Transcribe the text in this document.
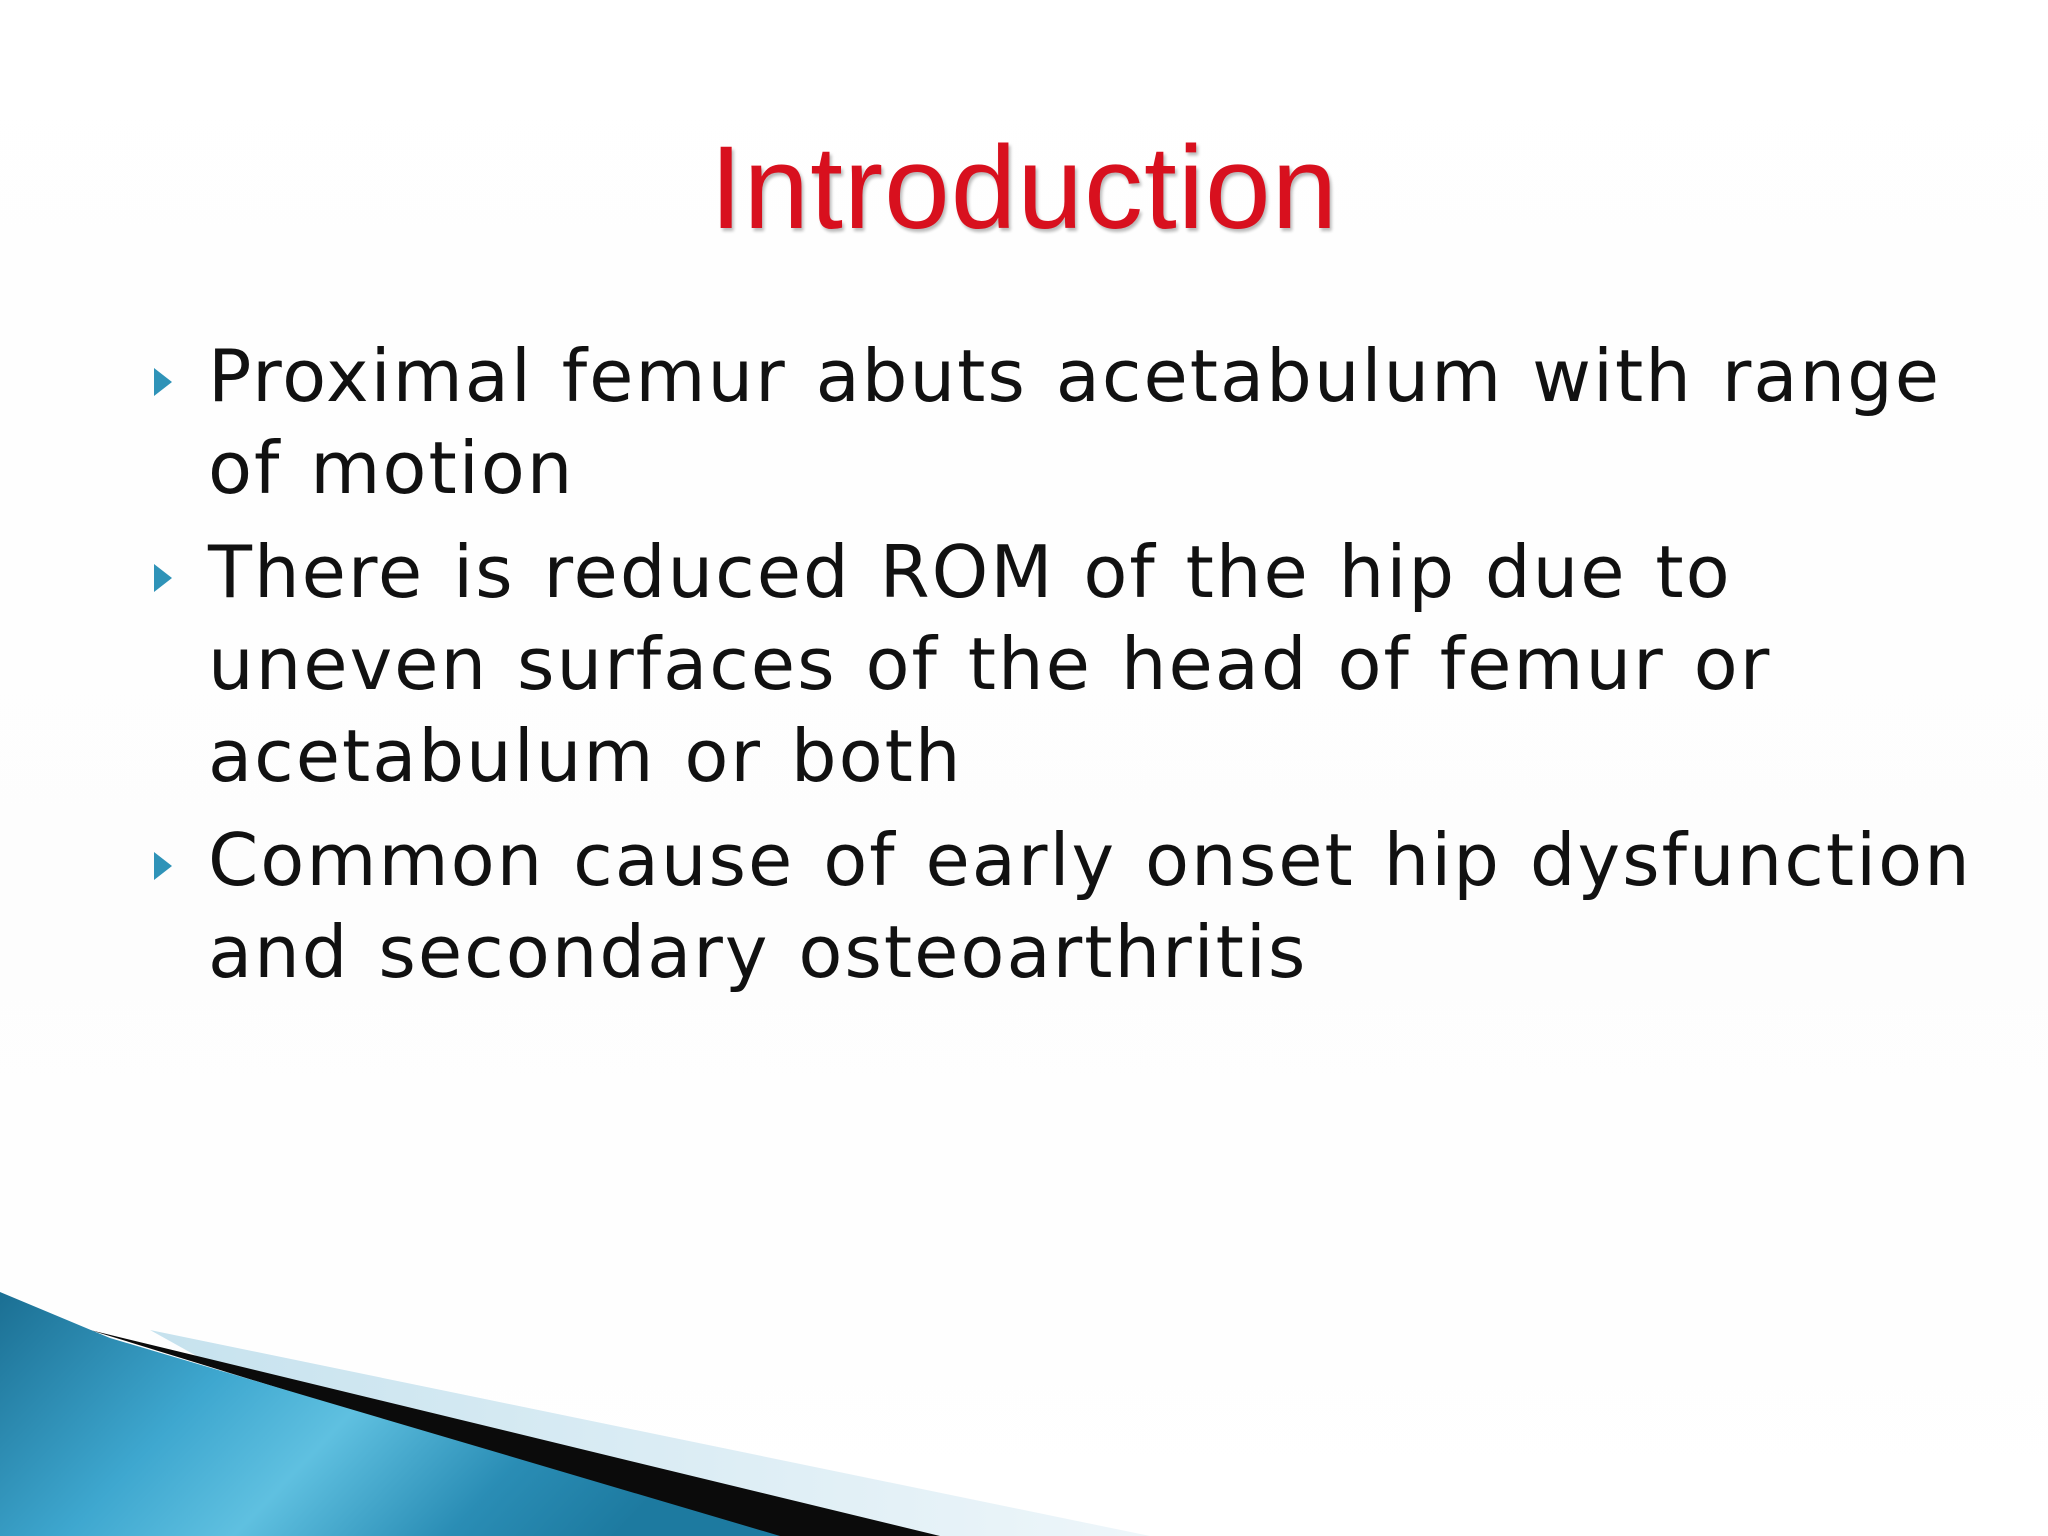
Introduction
Proximal femur abuts acetabulum with range of motion
There is reduced ROM of the hip due to uneven surfaces of the head of femur or acetabulum or both
Common cause of early onset hip dysfunction and secondary osteoarthritis
